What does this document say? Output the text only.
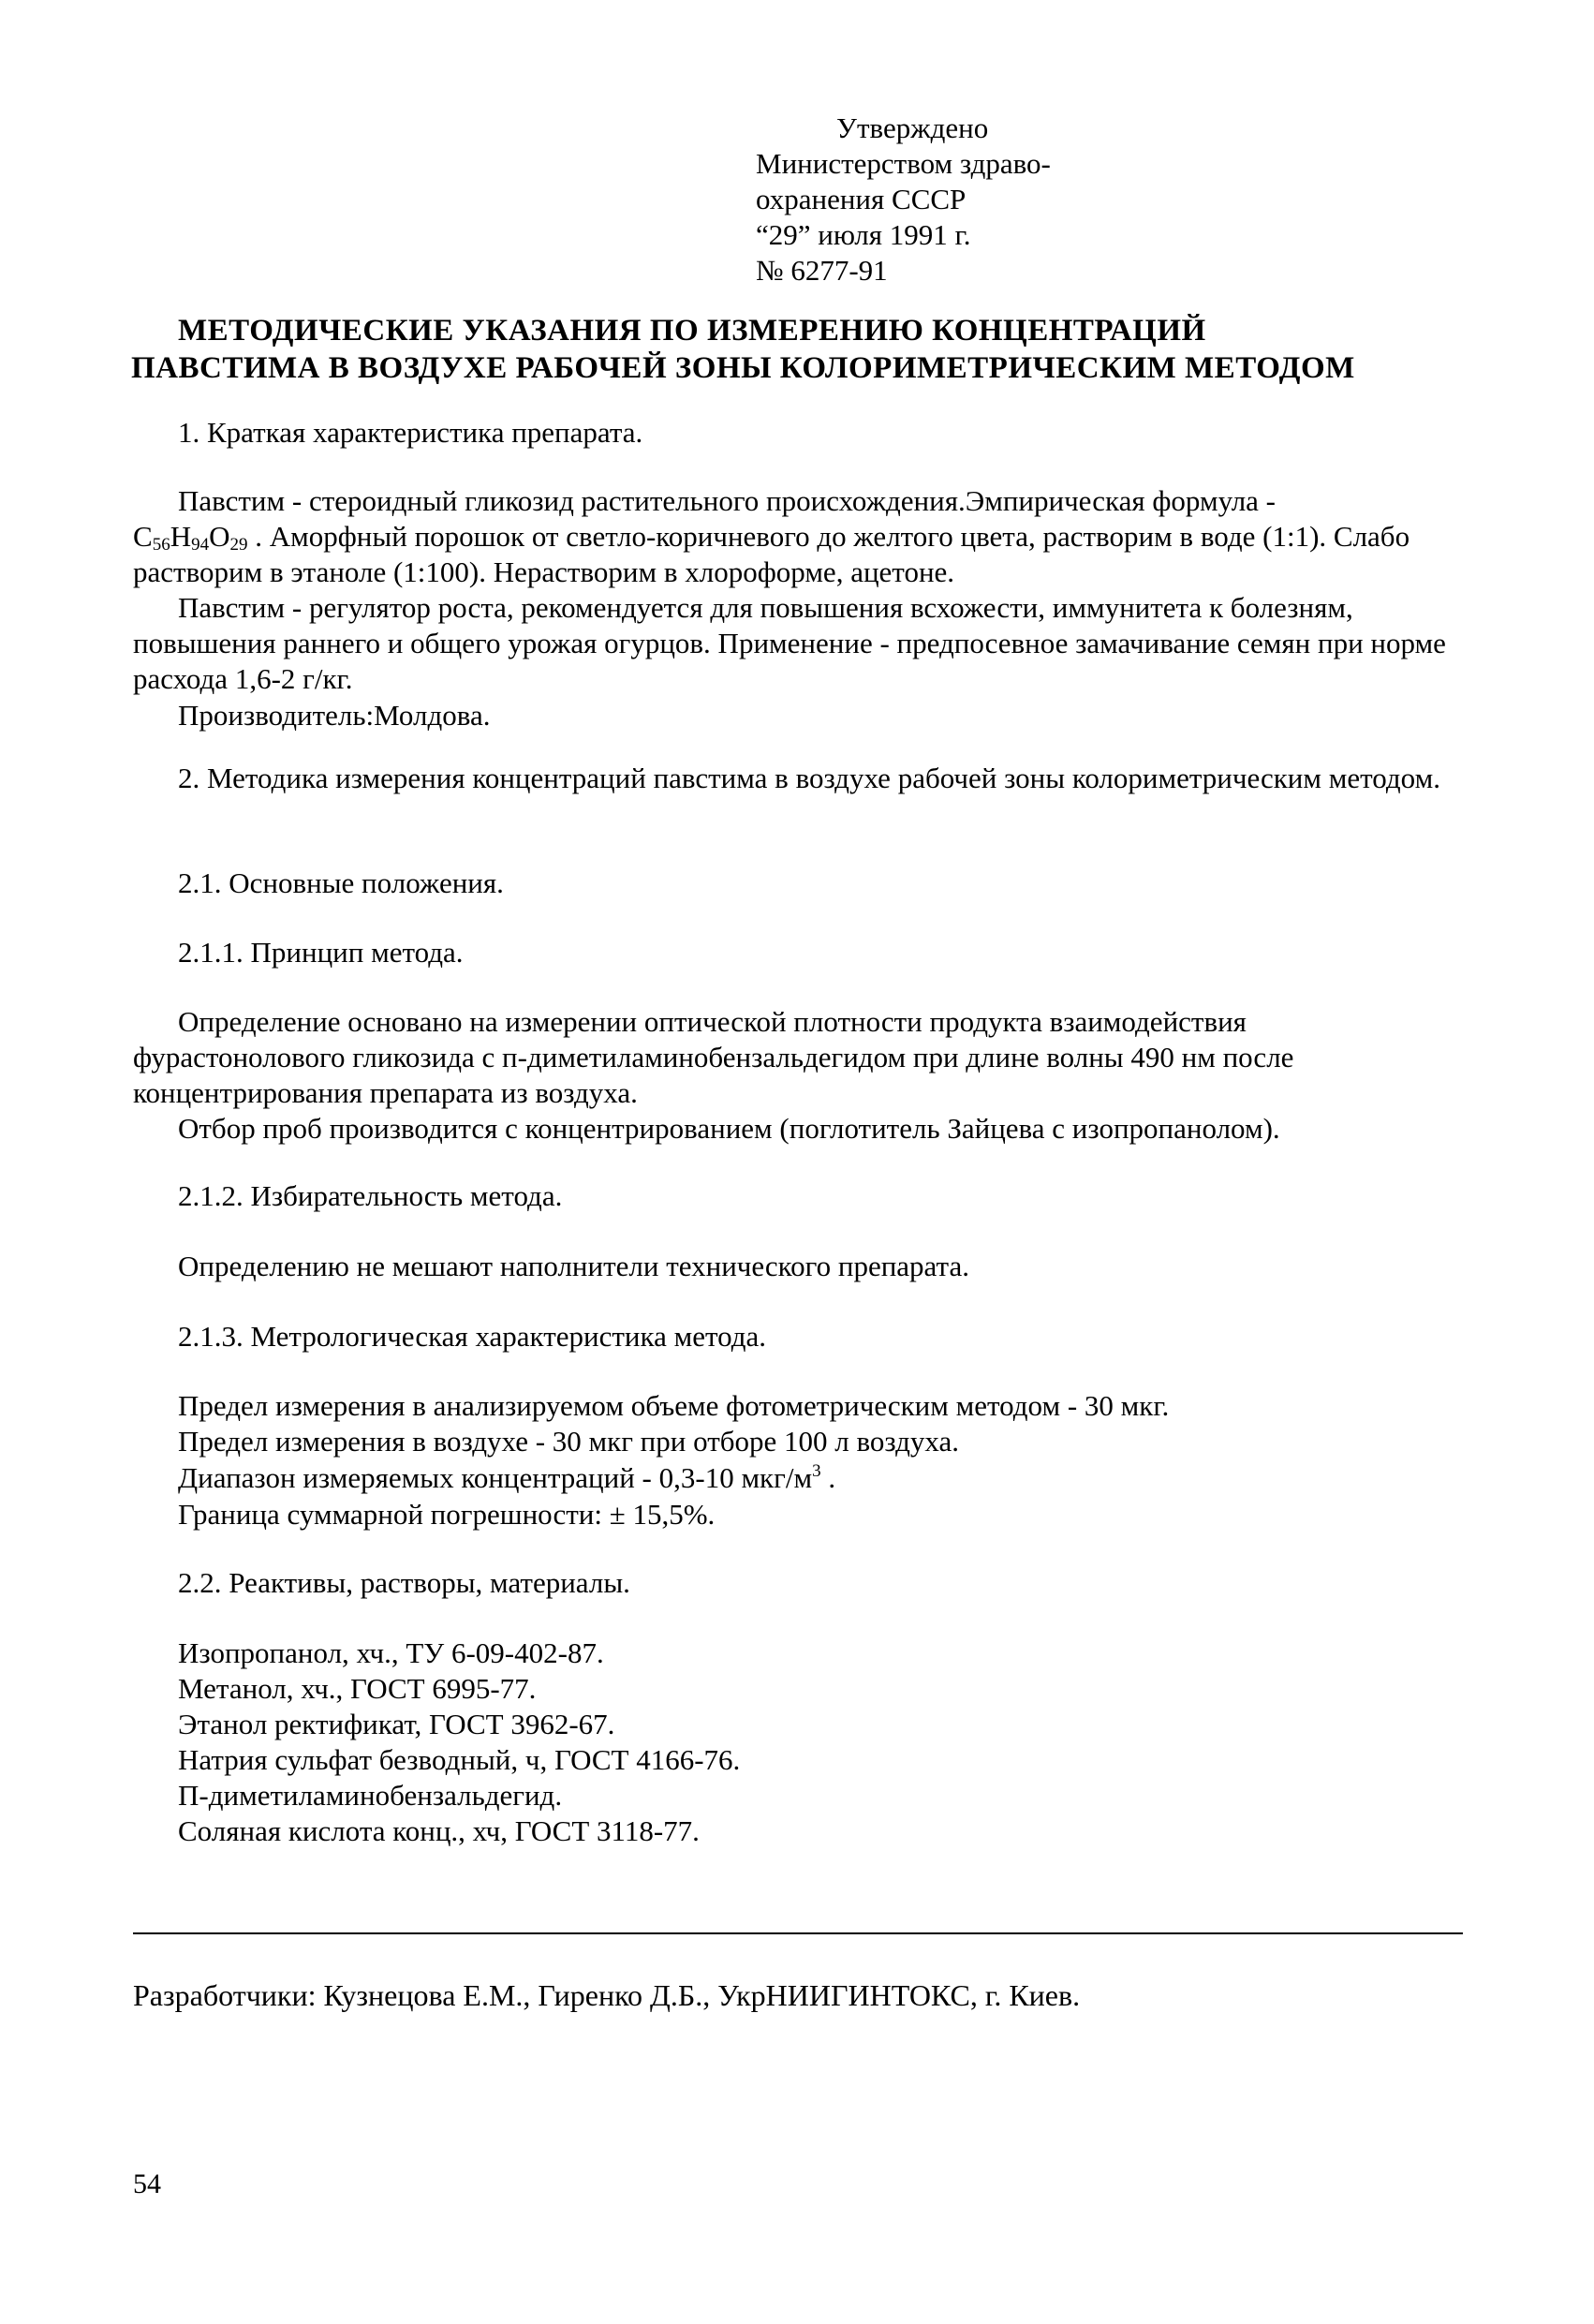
Утверждено
Министерством здраво-
охранения СССР
“29” июля 1991 г.
№ 6277-91
МЕТОДИЧЕСКИЕ УКАЗАНИЯ ПО ИЗМЕРЕНИЮ КОНЦЕНТРАЦИЙ
ПАВСТИМА В ВОЗДУХЕ РАБОЧЕЙ ЗОНЫ КОЛОРИМЕТРИЧЕСКИМ МЕТОДОМ
1. Краткая характеристика препарата.
Павстим - стероидный гликозид растительного происхождения.Эмпирическая формула -
$C_{56}H_{94}O_{29}$ . Аморфный порошок от светло-коричневого до желтого цвета, растворим в воде (1:1). Слабо растворим в этаноле (1:100). Нерастворим в хлороформе, ацетоне.
Павстим - регулятор роста, рекомендуется для повышения всхожести, иммунитета к болезням, повышения раннего и общего урожая огурцов. Применение - предпосевное замачивание семян при норме расхода 1,6-2 г/кг.
Производитель:Молдова.
2. Методика измерения концентраций павстима в воздухе рабочей зоны колориметрическим методом.
2.1. Основные положения.
2.1.1. Принцип метода.
Определение основано на измерении оптической плотности продукта взаимодействия фурастонолового гликозида с п-диметиламинобензальдегидом при длине волны 490 нм после концентрирования препарата из воздуха.
Отбор проб производится с концентрированием (поглотитель Зайцева с изопропанолом).
2.1.2. Избирательность метода.
Определению не мешают наполнители технического препарата.
2.1.3. Метрологическая характеристика метода.
Предел измерения в анализируемом объеме фотометрическим методом - 30 мкг.
Предел измерения в воздухе - 30 мкг при отборе 100 л воздуха.
Диапазон измеряемых концентраций - 0,3-10 мкг/$м^3$ .
Граница суммарной погрешности: ± 15,5%.
2.2. Реактивы, растворы, материалы.
Изопропанол, хч., ТУ 6-09-402-87.
Метанол, хч., ГОСТ 6995-77.
Этанол ректификат, ГОСТ 3962-67.
Натрия сульфат безводный, ч, ГОСТ 4166-76.
П-диметиламинобензальдегид.
Соляная кислота конц., хч, ГОСТ 3118-77.
Разработчики: Кузнецова Е.М., Гиренко Д.Б., УкрНИИГИНТОКС, г. Киев.
54
